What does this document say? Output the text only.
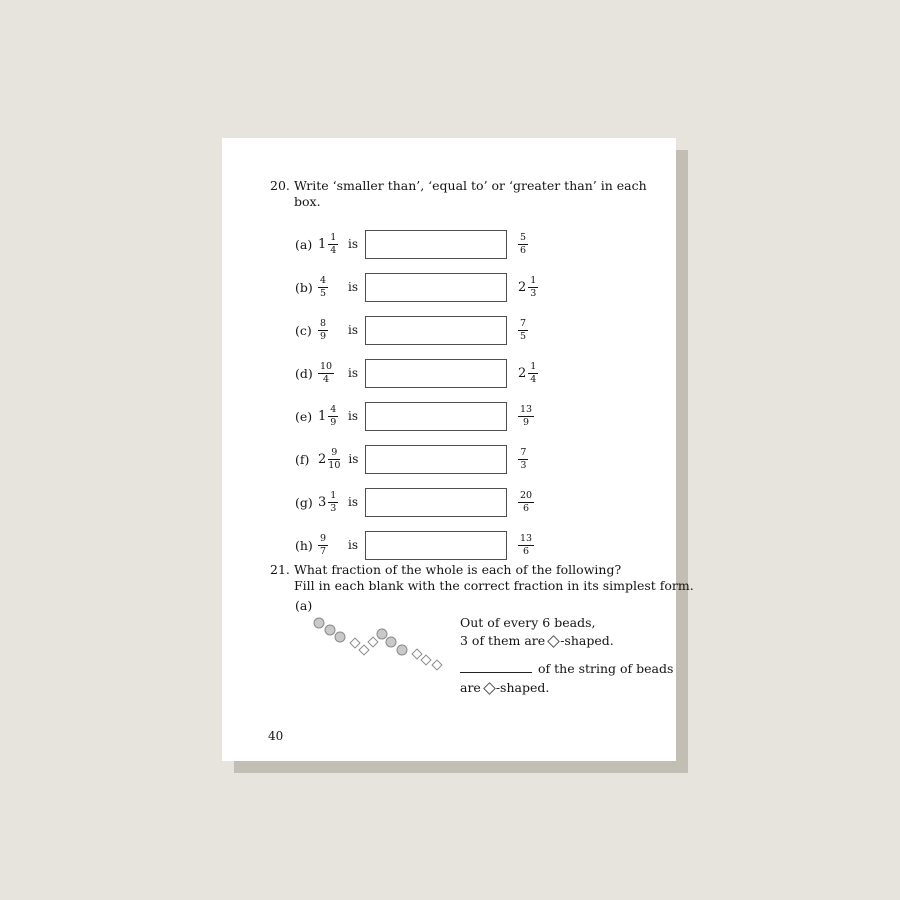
20. Write ‘smaller than’, ‘equal to’ or ‘greater than’ in each box.
(a) $1 \frac{1}{4}$ is	$\frac{5}{6}$
$(b) \frac{4}{5}$ is	$2 \frac{1}{3}$
$(c) \frac{8}{9}$ is	$\frac{7}{5}$
$(d) \frac{10}{4}$ is	$2 \frac{1}{4}$
(e) $1 \frac{4}{9}$ is	$\frac{13}{9}$
(f) $2 \frac{9}{10}$ is	$\frac{7}{3}$
(g) $3 \frac{1}{3}$ is	$\frac{20}{6}$
$(h) \frac{9}{7}$ is	$\frac{13}{6}$
21. What fraction of the whole is each of the following?
Fill in each blank with the correct fraction in its simplest form.
(a)
Out of every 6 beads,
3 of them are -shaped.
of the string of beads
are -shaped.
40
